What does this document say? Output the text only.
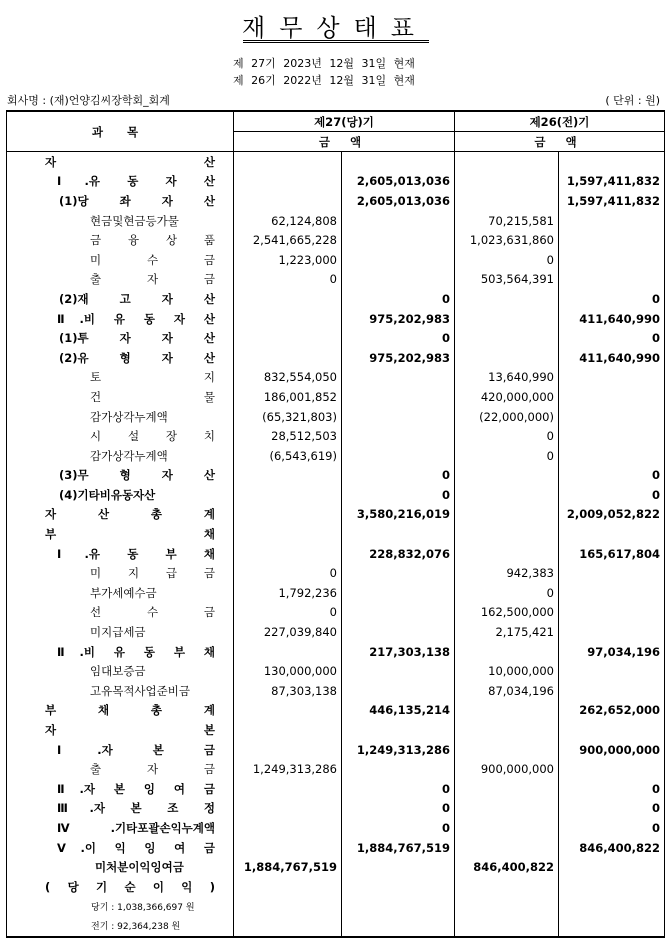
재무상태표
제 27기 2023년 12월 31일 현재
제 26기 2022년 12월 31일 현재
회사명 : (재)언양김씨장학회_회계	( 단위 : 원)
과 목	제27(당)기		제26(전)기	
	금 액		금 액	

자 산				

Ⅰ.유 동 자 산		2,605,013,036		1,597,411,832

(1)당 좌 자 산		2,605,013,036		1,597,411,832

현금및현금등가물	62,124,808		70,215,581	

금 융 상 품	2,541,665,228		1,023,631,860	

미 수 금	1,223,000		0	

출 자 금	0		503,564,391	

(2)재 고 자 산		0		0

Ⅱ.비 유 동 자 산		975,202,983		411,640,990

(1)투 자 자 산		0		0

(2)유 형 자 산		975,202,983		411,640,990

토 지	832,554,050		13,640,990	

건 물	186,001,852		420,000,000	

감가상각누계액	(65,321,803)		(22,000,000)	

시 설 장 치	28,512,503		0	

감가상각누계액	(6,543,619)		0	

(3)무 형 자 산		0		0

(4)기타비유동자산		0		0

자 산 총 계		3,580,216,019		2,009,052,822

부 채				

Ⅰ.유 동 부 채		228,832,076		165,617,804

미 지 급 금	0		942,383	

부가세예수금	1,792,236		0	

선 수 금	0		162,500,000	

미지급세금	227,039,840		2,175,421	

Ⅱ.비 유 동 부 채		217,303,138		97,034,196

임대보증금	130,000,000		10,000,000	

고유목적사업준비금	87,303,138		87,034,196	

부 채 총 계		446,135,214		262,652,000

자 본				

Ⅰ.자 본 금		1,249,313,286		900,000,000

출 자 금	1,249,313,286		900,000,000	

Ⅱ.자 본 잉 여 금		0		0

Ⅲ.자 본 조 정		0		0

Ⅳ.기타포괄손익누계액		0		0

Ⅴ.이 익 잉 여 금		1,884,767,519		846,400,822

미처분이익잉여금	1,884,767,519		846,400,822	

( 당 기 순 이 익 )				

당기 : 1,038,366,697 원				

전기 : 92,364,238 원				
